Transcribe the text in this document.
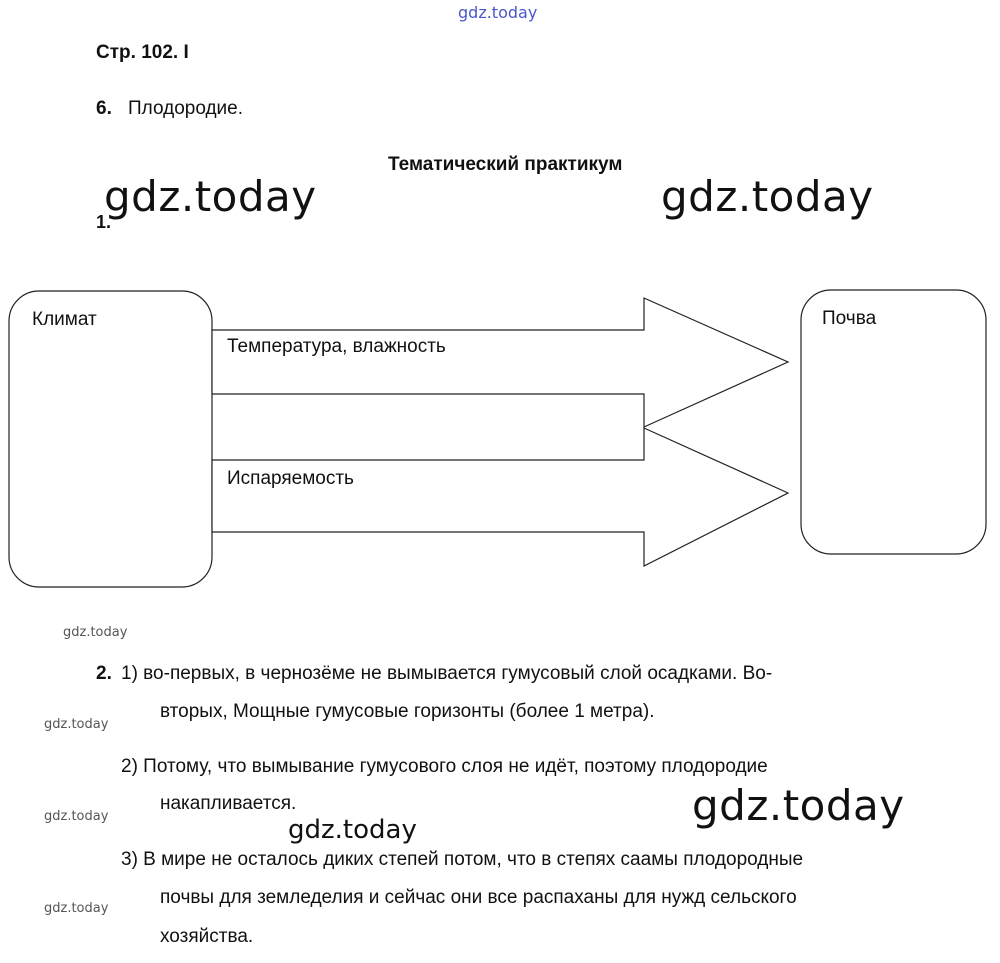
gdz.today
gdz.today	gdz.today
gdz.today
gdz.today
gdz.today
gdz.today
gdz.today
gdz.today
Стр. 102. І
6. Плодородие.
Тематический практикум
1.
Климат	Почва
Температура, влажность
Испаряемость
2. 1) во-первых, в чернозёме не вымывается гумусовый слой осадками. Во-
вторых, Мощные гумусовые горизонты (более 1 метра).
2) Потому, что вымывание гумусового слоя не идёт, поэтому плодородие
накапливается.
3) В мире не осталось диких степей потом, что в степях саамы плодородные
почвы для земледелия и сейчас они все распаханы для нужд сельского
хозяйства.
